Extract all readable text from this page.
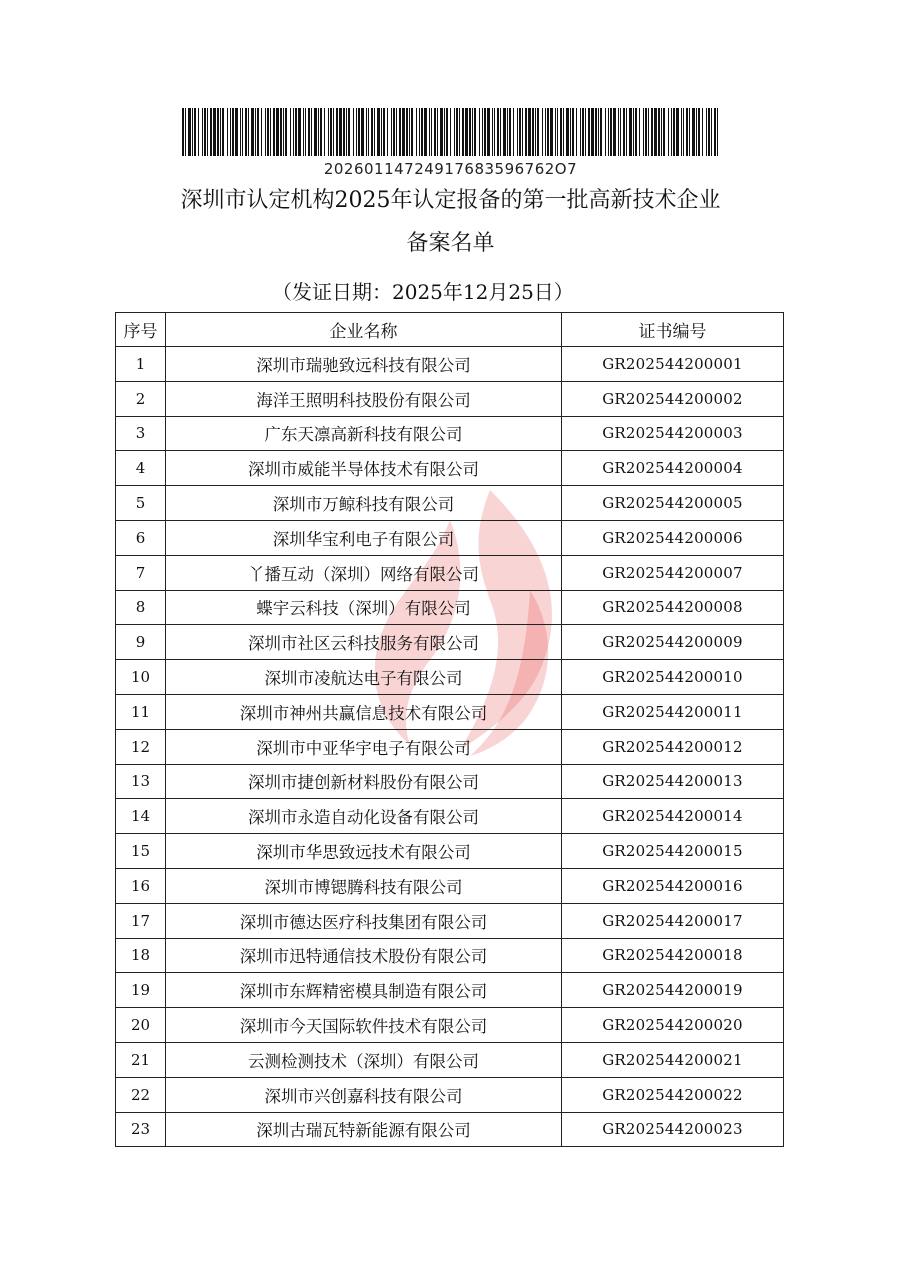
20260114724917683596762O7
深圳市认定机构2025年认定报备的第一批高新技术企业
备案名单
（发证日期：2025年12月25日）
序号	企业名称	证书编号
1	深圳市瑞驰致远科技有限公司	GR202544200001
2	海洋王照明科技股份有限公司	GR202544200002
3	广东天凛高新科技有限公司	GR202544200003
4	深圳市威能半导体技术有限公司	GR202544200004
5	深圳市万鲸科技有限公司	GR202544200005
6	深圳华宝利电子有限公司	GR202544200006
7	丫播互动（深圳）网络有限公司	GR202544200007
8	蝶宇云科技（深圳）有限公司	GR202544200008
9	深圳市社区云科技服务有限公司	GR202544200009
10	深圳市凌航达电子有限公司	GR202544200010
11	深圳市神州共赢信息技术有限公司	GR202544200011
12	深圳市中亚华宇电子有限公司	GR202544200012
13	深圳市捷创新材料股份有限公司	GR202544200013
14	深圳市永造自动化设备有限公司	GR202544200014
15	深圳市华思致远技术有限公司	GR202544200015
16	深圳市博锶腾科技有限公司	GR202544200016
17	深圳市德达医疗科技集团有限公司	GR202544200017
18	深圳市迅特通信技术股份有限公司	GR202544200018
19	深圳市东辉精密模具制造有限公司	GR202544200019
20	深圳市今天国际软件技术有限公司	GR202544200020
21	云测检测技术（深圳）有限公司	GR202544200021
22	深圳市兴创嘉科技有限公司	GR202544200022
23	深圳古瑞瓦特新能源有限公司	GR202544200023
